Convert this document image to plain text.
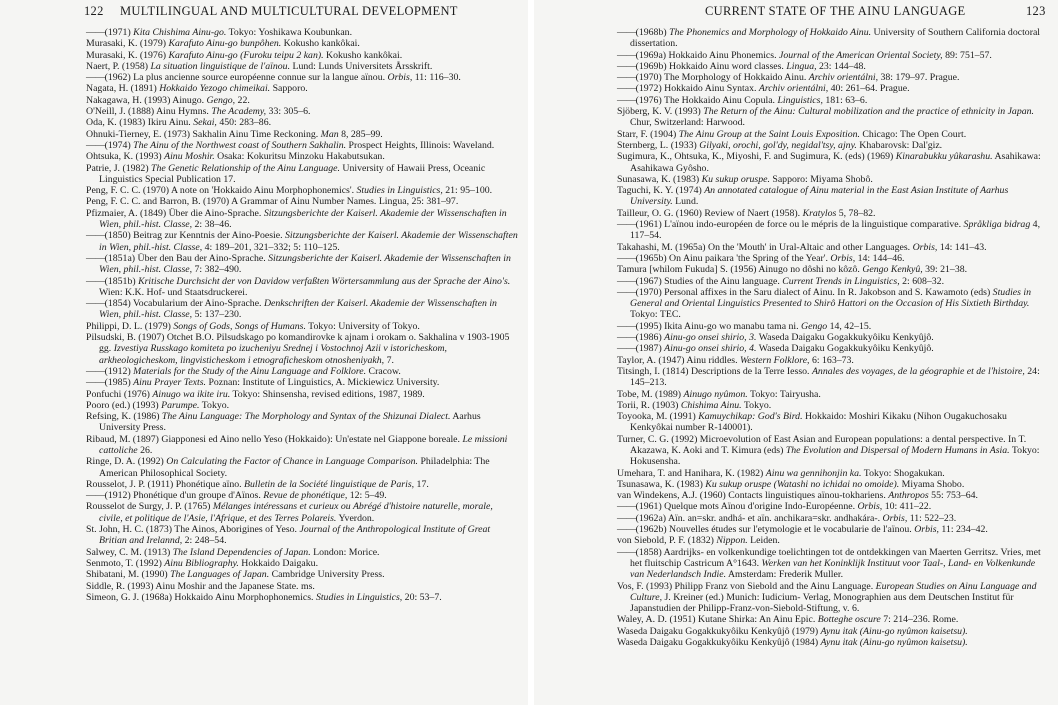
122 MULTILINGUAL AND MULTICULTURAL DEVELOPMENT
—— (1971) Kita Chishima Ainu-go. Tokyo: Yoshikawa Koubunkan.
Murasaki, K. (1979) Karafuto Ainu-go bunpôhen. Kokusho kankôkai.
Murasaki, K. (1976) Karafuto Ainu-go (Furoku teipu 2 kan). Kokusho kankôkai.
Naert, P. (1958) La situation linguistique de l'aïnou. Lund: Lunds Universitets Årsskrift.
—— (1962) La plus ancienne source européenne connue sur la langue aïnou. Orbis, 11: 116–30.
Nagata, H. (1891) Hokkaido Yezogo chimeikai. Sapporo.
Nakagawa, H. (1993) Ainugo. Gengo, 22.
O'Neill, J. (1888) Ainu Hymns. The Academy, 33: 305–6.
Oda, K. (1983) Ikiru Ainu. Sekai, 450: 283–86.
Ohnuki-Tierney, E. (1973) Sakhalin Ainu Time Reckoning. Man 8, 285–99.
—— (1974) The Ainu of the Northwest coast of Southern Sakhalin. Prospect Heights, Illinois: Waveland.
Ohtsuka, K. (1993) Ainu Moshir. Osaka: Kokuritsu Minzoku Hakabutsukan.
Patrie, J. (1982) The Genetic Relationship of the Ainu Language. University of Hawaii Press, Oceanic Linguistics Special Publication 17.
Peng, F. C. C. (1970) A note on 'Hokkaido Ainu Morphophonemics'. Studies in Linguistics, 21: 95–100.
Peng, F. C. C. and Barron, B. (1970) A Grammar of Ainu Number Names. Lingua, 25: 381–97.
Pfizmaier, A. (1849) Über die Aino-Sprache. Sitzungsberichte der Kaiserl. Akademie der Wissenschaften in Wien, phil.-hist. Classe, 2: 38–46.
—— (1850) Beitrag zur Kenntnis der Aino-Poesie. Sitzungsberichte der Kaiserl. Akademie der Wissenschaften in Wien, phil.-hist. Classe, 4: 189–201, 321–332; 5: 110–125.
—— (1851a) Über den Bau der Aino-Sprache. Sitzungsberichte der Kaiserl. Akademie der Wissenschaften in Wien, phil.-hist. Classe, 7: 382–490.
—— (1851b) Kritische Durchsicht der von Davidow verfaßten Wörtersammlung aus der Sprache der Aino's. Wien: K.K. Hof- und Staatsdruckerei.
—— (1854) Vocabularium der Aino-Sprache. Denkschriften der Kaiserl. Akademie der Wissenschaften in Wien, phil.-hist. Classe, 5: 137–230.
Philippi, D. L. (1979) Songs of Gods, Songs of Humans. Tokyo: University of Tokyo.
Pilsudski, B. (1907) Otchet B.O. Pilsudskago po komandirovke k ajnam i orokam o. Sakhalina v 1903-1905 gg. Izvestiya Russkago komiteta po izucheniyu Srednej i Vostochnoj Azii v istoricheskom, arkheologicheskom, lingvisticheskom i etnograficheskom otnosheniyakh, 7.
—— (1912) Materials for the Study of the Ainu Language and Folklore. Cracow.
—— (1985) Ainu Prayer Texts. Poznan: Institute of Linguistics, A. Mickiewicz University.
Ponfuchi (1976) Ainugo wa ikite iru. Tokyo: Shinsensha, revised editions, 1987, 1989.
Pooro (ed.) (1993) Parumpe. Tokyo.
Refsing, K. (1986) The Ainu Language: The Morphology and Syntax of the Shizunai Dialect. Aarhus University Press.
Ribaud, M. (1897) Giapponesi ed Aino nello Yeso (Hokkaido): Un'estate nel Giappone boreale. Le missioni cattoliche 26.
Ringe, D. A. (1992) On Calculating the Factor of Chance in Language Comparison. Philadelphia: The American Philosophical Society.
Rousselot, J. P. (1911) Phonétique aïno. Bulletin de la Société linguistique de Paris, 17.
—— (1912) Phonétique d'un groupe d'Aïnos. Revue de phonétique, 12: 5–49.
Rousselot de Surgy, J. P. (1765) Mélanges intéressans et curieux ou Abrégé d'histoire naturelle, morale, civile, et politique de l'Asie, l'Afrique, et des Terres Polareis. Yverdon.
St. John, H. C. (1873) The Ainos, Aborigines of Yeso. Journal of the Anthropological Institute of Great Britian and Irelannd, 2: 248–54.
Salwey, C. M. (1913) The Island Dependencies of Japan. London: Morice.
Senmoto, T. (1992) Ainu Bibliography. Hokkaido Daigaku.
Shibatani, M. (1990) The Languages of Japan. Cambridge University Press.
Siddle, R. (1993) Ainu Moshir and the Japanese State. ms.
Simeon, G. J. (1968a) Hokkaido Ainu Morphophonemics. Studies in Linguistics, 20: 53–7.
CURRENT STATE OF THE AINU LANGUAGE	123
—— (1968b) The Phonemics and Morphology of Hokkaido Ainu. University of Southern California doctoral dissertation.
—— (1969a) Hokkaido Ainu Phonemics. Journal of the American Oriental Society, 89: 751–57.
—— (1969b) Hokkaido Ainu word classes. Lingua, 23: 144–48.
—— (1970) The Morphology of Hokkaido Ainu. Archiv orientálni, 38: 179–97. Prague.
—— (1972) Hokkaido Ainu Syntax. Archiv orientálni, 40: 261–64. Prague.
—— (1976) The Hokkaido Ainu Copula. Linguistics, 181: 63–6.
Sjöberg, K. V. (1993) The Return of the Ainu: Cultural mobilization and the practice of ethnicity in Japan. Chur, Switzerland: Harwood.
Starr, F. (1904) The Ainu Group at the Saint Louis Exposition. Chicago: The Open Court.
Sternberg, L. (1933) Gilyaki, orochi, gol'dy, negidal'tsy, ajny. Khabarovsk: Dal'giz.
Sugimura, K., Ohtsuka, K., Miyoshi, F. and Sugimura, K. (eds) (1969) Kinarabukku yûkarashu. Asahikawa: Asahikawa Gyôsho.
Sunasawa, K. (1983) Ku sukup oruspe. Sapporo: Miyama Shobô.
Taguchi, K. Y. (1974) An annotated catalogue of Ainu material in the East Asian Institute of Aarhus University. Lund.
Tailleur, O. G. (1960) Review of Naert (1958). Kratylos 5, 78–82.
—— (1961) L'aïnou indo-européen de force ou le mépris de la linguistique comparative. Språkliga bidrag 4, 117–54.
Takahashi, M. (1965a) On the 'Mouth' in Ural-Altaic and other Languages. Orbis, 14: 141–43.
—— (1965b) On Ainu paikara 'the Spring of the Year'. Orbis, 14: 144–46.
Tamura [whilom Fukuda] S. (1956) Ainugo no dôshi no kôzô. Gengo Kenkyû, 39: 21–38.
—— (1967) Studies of the Ainu language. Current Trends in Linguistics, 2: 608–32.
—— (1970) Personal affixes in the Saru dialect of Ainu. In R. Jakobson and S. Kawamoto (eds) Studies in General and Oriental Linguistics Presented to Shirô Hattori on the Occasion of His Sixtieth Birthday. Tokyo: TEC.
—— (1995) Ikita Ainu-go wo manabu tama ni. Gengo 14, 42–15.
—— (1986) Ainu-go onsei shirio, 3. Waseda Daigaku Gogakkukyôiku Kenkyûjô.
—— (1987) Ainu-go onsei shirio, 4. Waseda Daigaku Gogakkukyôiku Kenkyûjô.
Taylor, A. (1947) Ainu riddles. Western Folklore, 6: 163–73.
Titsingh, I. (1814) Descriptions de la Terre Iesso. Annales des voyages, de la géographie et de l'histoire, 24: 145–213.
Tobe, M. (1989) Ainugo nyûmon. Tokyo: Tairyusha.
Torii, R. (1903) Chishima Ainu. Tokyo.
Toyooka, M. (1991) Kamuychikap: God's Bird. Hokkaido: Moshiri Kikaku (Nihon Ougakuchosaku Kenkyôkai number R-140001).
Turner, C. G. (1992) Microevolution of East Asian and European populations: a dental perspective. In T. Akazawa, K. Aoki and T. Kimura (eds) The Evolution and Dispersal of Modern Humans in Asia. Tokyo: Hokusensha.
Umehara, T. and Hanihara, K. (1982) Ainu wa gennihonjin ka. Tokyo: Shogakukan.
Tsunasawa, K. (1983) Ku sukup oruspe (Watashi no ichidai no omoide). Miyama Shobo.
van Windekens, A.J. (1960) Contacts linguistiques aïnou-tokhariens. Anthropos 55: 753–64.
—— (1961) Quelque mots Aïnou d'origine Indo-Européenne. Orbis, 10: 411–22.
—— (1962a) Aïn. an=skr. andhá- et aïn. anchikara=skr. andhakára-. Orbis, 11: 522–23.
—— (1962b) Nouvelles études sur l'etymologie et le vocabularie de l'aïnou. Orbis, 11: 234–42.
von Siebold, P. F. (1832) Nippon. Leiden.
—— (1858) Aardrijks- en volkenkundige toelichtingen tot de ontdekkingen van Maerten Gerritsz. Vries, met het fluitschip Castricum A°1643. Werken van het Koninklijk Instituut voor Taal-, Land- en Volkenkunde van Nederlandsch Indie. Amsterdam: Frederik Muller.
Vos, F. (1993) Philipp Franz von Siebold and the Ainu Language. European Studies on Ainu Language and Culture, J. Kreiner (ed.) Munich: Iudicium- Verlag, Monographien aus dem Deutschen Institut für Japanstudien der Philipp-Franz-von-Siebold-Stiftung, v. 6.
Waley, A. D. (1951) Kutane Shirka: An Ainu Epic. Botteghe oscure 7: 214–236. Rome.
Waseda Daigaku Gogakkukyôiku Kenkyûjô (1979) Aynu itak (Ainu-go nyûmon kaisetsu).
Waseda Daigaku Gogakkukyôiku Kenkyûjô (1984) Aynu itak (Ainu-go nyûmon kaisetsu).
